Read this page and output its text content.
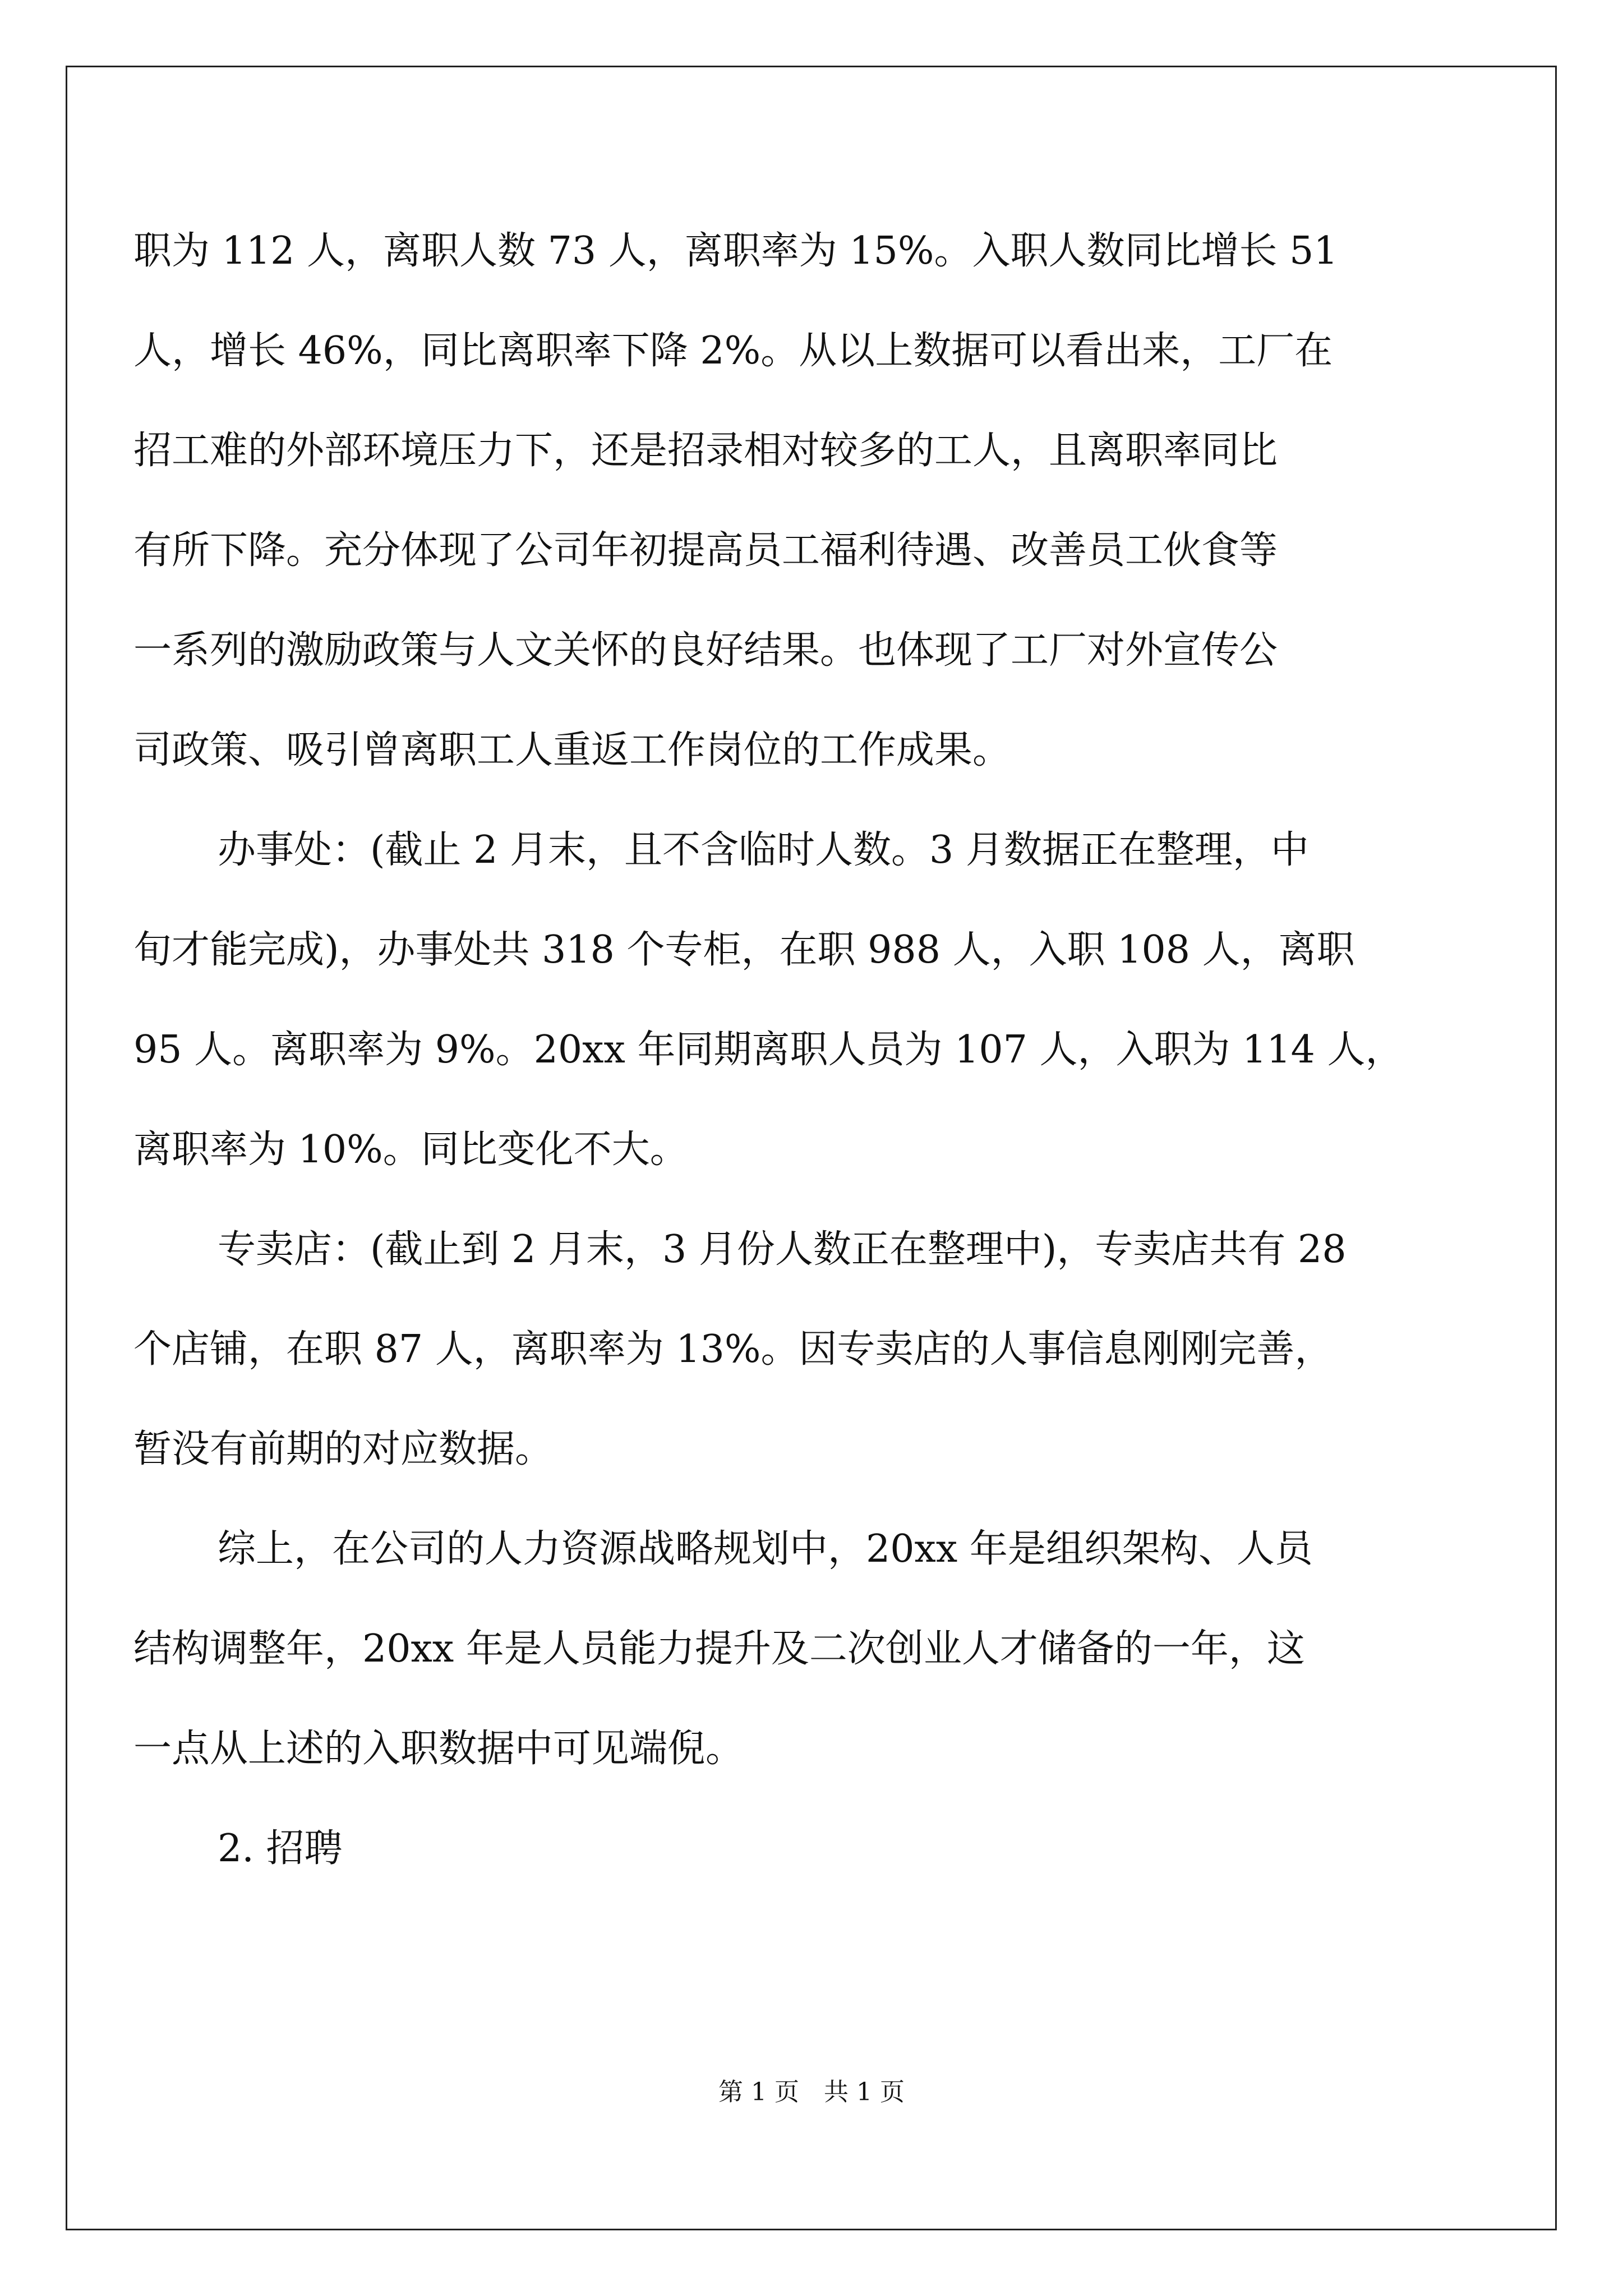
职为 112 人，离职人数 73 人，离职率为 15%。入职人数同比增长 51
人，增长 46%，同比离职率下降 2%。从以上数据可以看出来，工厂在
招工难的外部环境压力下，还是招录相对较多的工人，且离职率同比
有所下降。充分体现了公司年初提高员工福利待遇、改善员工伙食等
一系列的激励政策与人文关怀的良好结果。也体现了工厂对外宣传公
司政策、吸引曾离职工人重返工作岗位的工作成果。
办事处：(截止 2 月末，且不含临时人数。3 月数据正在整理，中
旬才能完成)，办事处共 318 个专柜，在职 988 人，入职 108 人，离职
95 人。离职率为 9%。20xx 年同期离职人员为 107 人，入职为 114 人，
离职率为 10%。同比变化不大。
专卖店：(截止到 2 月末，3 月份人数正在整理中)，专卖店共有 28
个店铺，在职 87 人，离职率为 13%。因专卖店的人事信息刚刚完善，
暂没有前期的对应数据。
综上，在公司的人力资源战略规划中，20xx 年是组织架构、人员
结构调整年，20xx 年是人员能力提升及二次创业人才储备的一年，这
一点从上述的入职数据中可见端倪。
2. 招聘
第 1 页　共 1 页
